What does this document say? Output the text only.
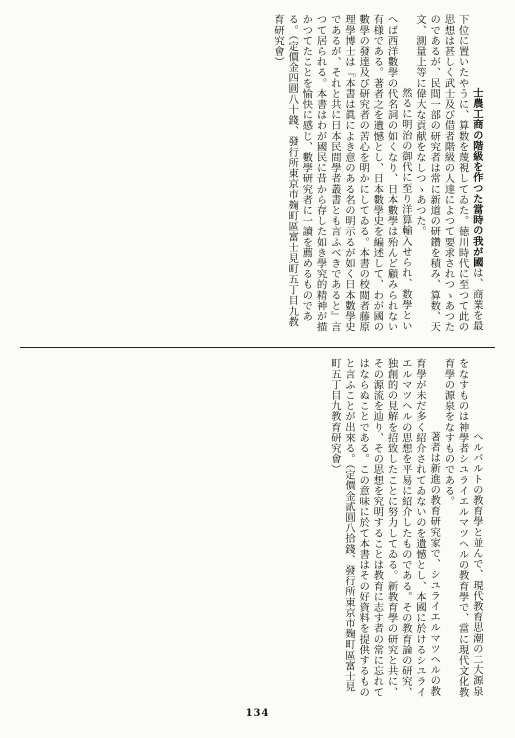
士農工商の階級を作つた當時の我が國は、商業を最下位に置いたやうに、算数を蔑視してゐた。徳川時代に至つて此の思想は甚しく武士及び借者階級の人達によつて要求されつゝあつたのであるが、民間一部の研究者は常に新道の研鑽を積み、算数、天文、測量上等に偉大な貢献をなしつゝあつた。
然るに明治の御代に至り洋算輸入せられ、数學といへば西洋數學の代名詞の如くなり、日本數學は殆んど顧みられない有様である。著者之を遺憾とし、日本數學史を編述して、わが國の數學の發達及び研究者の苦心を明かにしてゐる。本書の校閲者藤原理學博士は『本書は眞によき意のある名の明示るが如く日本數學史であるが、それと共に日本民間學者叢書とも言ふべきであると』言つて居られる。本書はわが國民に昔から存した如き學究的精神が描かつてたことを愉快に感じ、數學研究者に一讀を薦めるものである。（定價金四圓八十錢、發行所東京市麹町區富士見町五丁目九教育研究會）

ヘルバルトの教育學と並んで、現代教育思潮の二大源泉をなすものは神學者シユライエルマツヘルの教育學で、當に現代文化教育學の源泉をなすものである。
著者は新進の教育研究家で、シユライエルマツヘルの教育學が未だ多く紹介されてゐないのを遺憾とし、本國に於けるシユライエルマツヘルの思想を平易に紹介したものである。その教育論の研究、独創的の見解を招致したことに努力してゐる。新教育學の研究と共に、その源流を辿り、その思想を究明することは教育に志す者の常に忘れてはならぬことである。この意味に於て本書はその好資料を提供するものと言ふことが出來る。（定價金貳圓八拾錢、發行所東京市麹町區富士見町五丁目九教育研究會）

134
